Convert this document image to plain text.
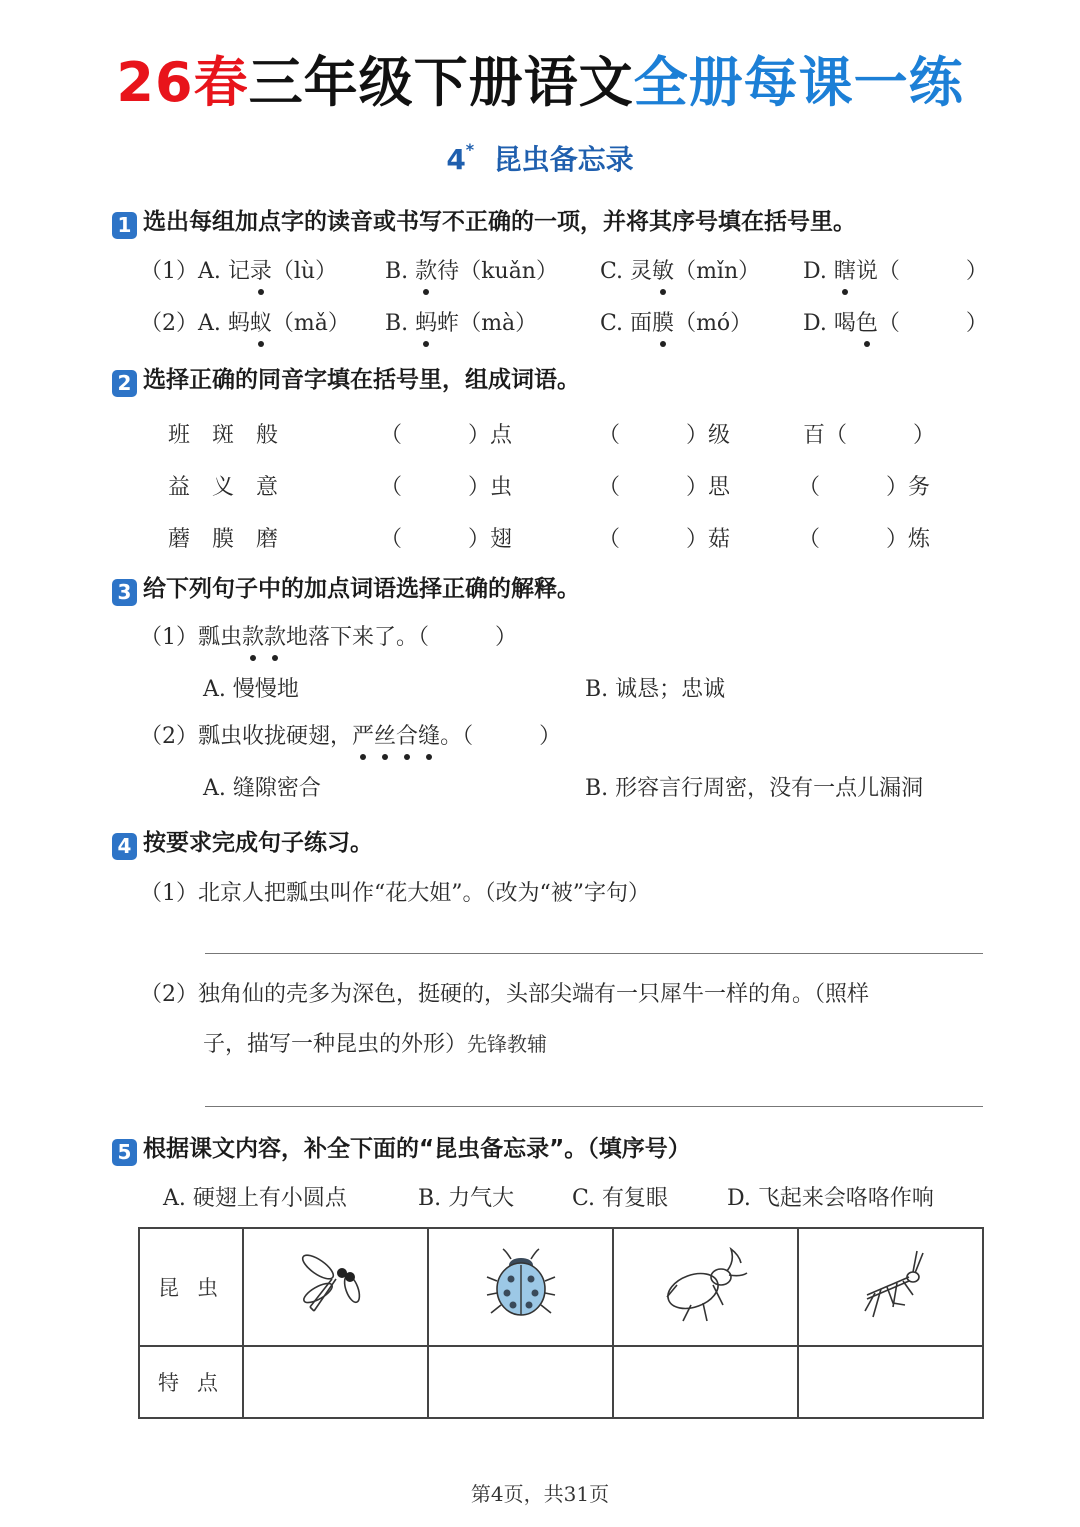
26春三年级下册语文全册每课一练
4* 昆虫备忘录
1 选出每组加点字的读音或书写不正确的一项，并将其序号填在括号里。
（1） A. 记录（lù） B. 款待（kuǎn） C. 灵敏（mǐn） D. 瞎说（　　　）
（2） A. 蚂蚁（mǎ） B. 蚂蚱（mà）	C. 面膜（mó） D. 喝色（　　　）
2 选择正确的同音字填在括号里，组成词语。
班　斑　般	（　　　）点	（　　　）级	百（　　　）
益　义　意	（　　　）虫	（　　　）思	（　　　）务
蘑　膜　磨	（　　　）翅	（　　　）菇	（　　　）炼
3 给下列句子中的加点词语选择正确的解释。
（1）瓢虫款款地落下来了。（　　　）
A. 慢慢地	B. 诚恳；忠诚
（2）瓢虫收拢硬翅，严丝合缝。（　　　）
A. 缝隙密合	B. 形容言行周密，没有一点儿漏洞
4 按要求完成句子练习。
（1）北京人把瓢虫叫作“花大姐”。（改为“被”字句）
（2）独角仙的壳多为深色，挺硬的，头部尖端有一只犀牛一样的角。（照样
子，描写一种昆虫的外形）先锋教辅
5 根据课文内容，补全下面的“昆虫备忘录”。（填序号）
A. 硬翅上有小圆点	B. 力气大	C. 有复眼	D. 飞起来会咯咯作响
昆虫				
特点				
第4页，共31页
